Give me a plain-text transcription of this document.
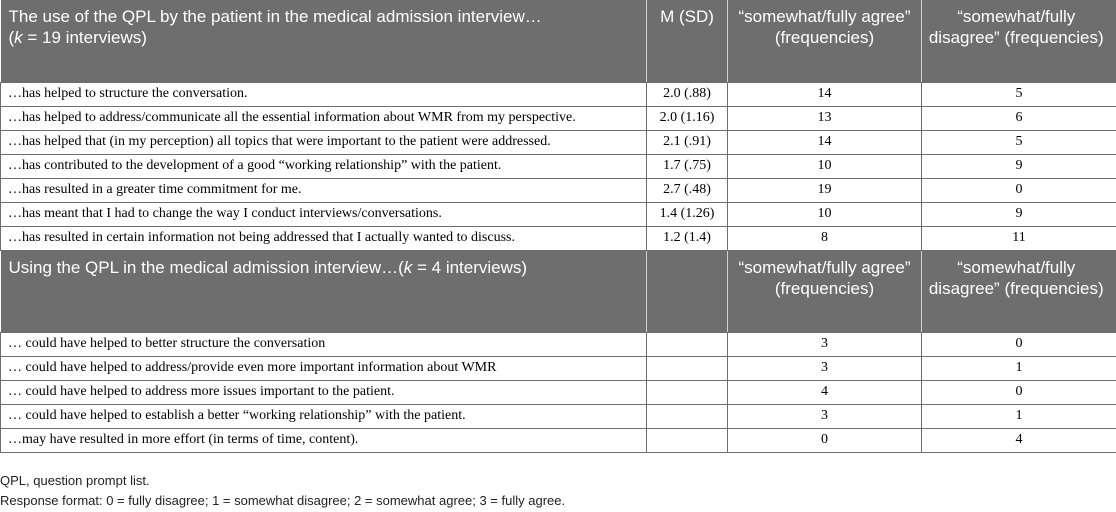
The use of the QPL by the patient in the medical admission interview…
(k = 19 interviews)	M (SD)	“somewhat/fully agree” (frequencies)	“somewhat/fully disagree” (frequencies)
…has helped to structure the conversation.	2.0 (.88)	14	5
…has helped to address/communicate all the essential information about WMR from my perspective.	2.0 (1.16)	13	6
…has helped that (in my perception) all topics that were important to the patient were addressed.	2.1 (.91)	14	5
…has contributed to the development of a good “working relationship” with the patient.	1.7 (.75)	10	9
…has resulted in a greater time commitment for me.	2.7 (.48)	19	0
…has meant that I had to change the way I conduct interviews/conversations.	1.4 (1.26)	10	9
…has resulted in certain information not being addressed that I actually wanted to discuss.	1.2 (1.4)	8	11
Using the QPL in the medical admission interview…(k = 4 interviews)		“somewhat/fully agree” (frequencies)	“somewhat/fully disagree” (frequencies)
… could have helped to better structure the conversation		3	0
… could have helped to address/provide even more important information about WMR		3	1
… could have helped to address more issues important to the patient.		4	0
… could have helped to establish a better “working relationship” with the patient.		3	1
…may have resulted in more effort (in terms of time, content).		0	4
QPL, question prompt list.
Response format: 0 = fully disagree; 1 = somewhat disagree; 2 = somewhat agree; 3 = fully agree.
